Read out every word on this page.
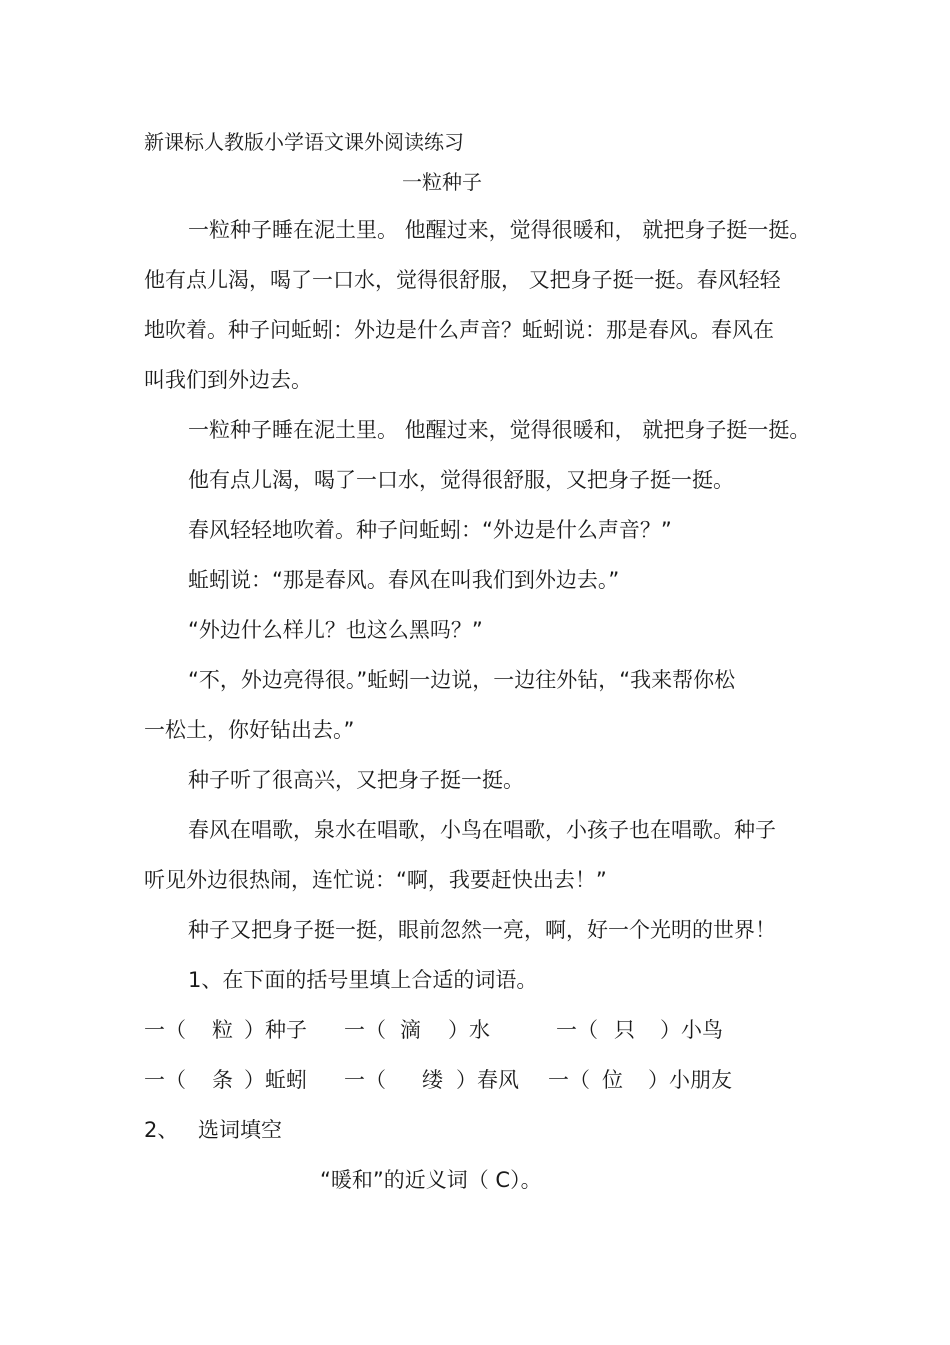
新课标人教版小学语文课外阅读练习
一粒种子
一粒种子睡在泥土里。 他醒过来，觉得很暖和， 就把身子挺一挺。
他有点儿渴，喝了一口水，觉得很舒服， 又把身子挺一挺。春风轻轻
地吹着。种子问蚯蚓：外边是什么声音？蚯蚓说：那是春风。春风在
叫我们到外边去。
一粒种子睡在泥土里。 他醒过来，觉得很暖和， 就把身子挺一挺。
他有点儿渴，喝了一口水，觉得很舒服，又把身子挺一挺。
春风轻轻地吹着。种子问蚯蚓：“外边是什么声音？”
蚯蚓说：“那是春风。春风在叫我们到外边去。”
“外边什么样儿？也这么黑吗？”
“不，外边亮得很。”蚯蚓一边说，一边往外钻，“我来帮你松
一松土，你好钻出去。”
种子听了很高兴，又把身子挺一挺。
春风在唱歌，泉水在唱歌，小鸟在唱歌，小孩子也在唱歌。种子
听见外边很热闹，连忙说：“啊，我要赶快出去！”
种子又把身子挺一挺，眼前忽然一亮，啊，好一个光明的世界！
1、在下面的括号里填上合适的词语。
一（ 粒 ）种子 一（ 滴 ）水	一（ 只 ）小鸟
一（ 条 ）蚯蚓 一（ 缕 ）春风 一（ 位 ）小朋友
2、 选词填空
“暖和”的近义词（ C）。
